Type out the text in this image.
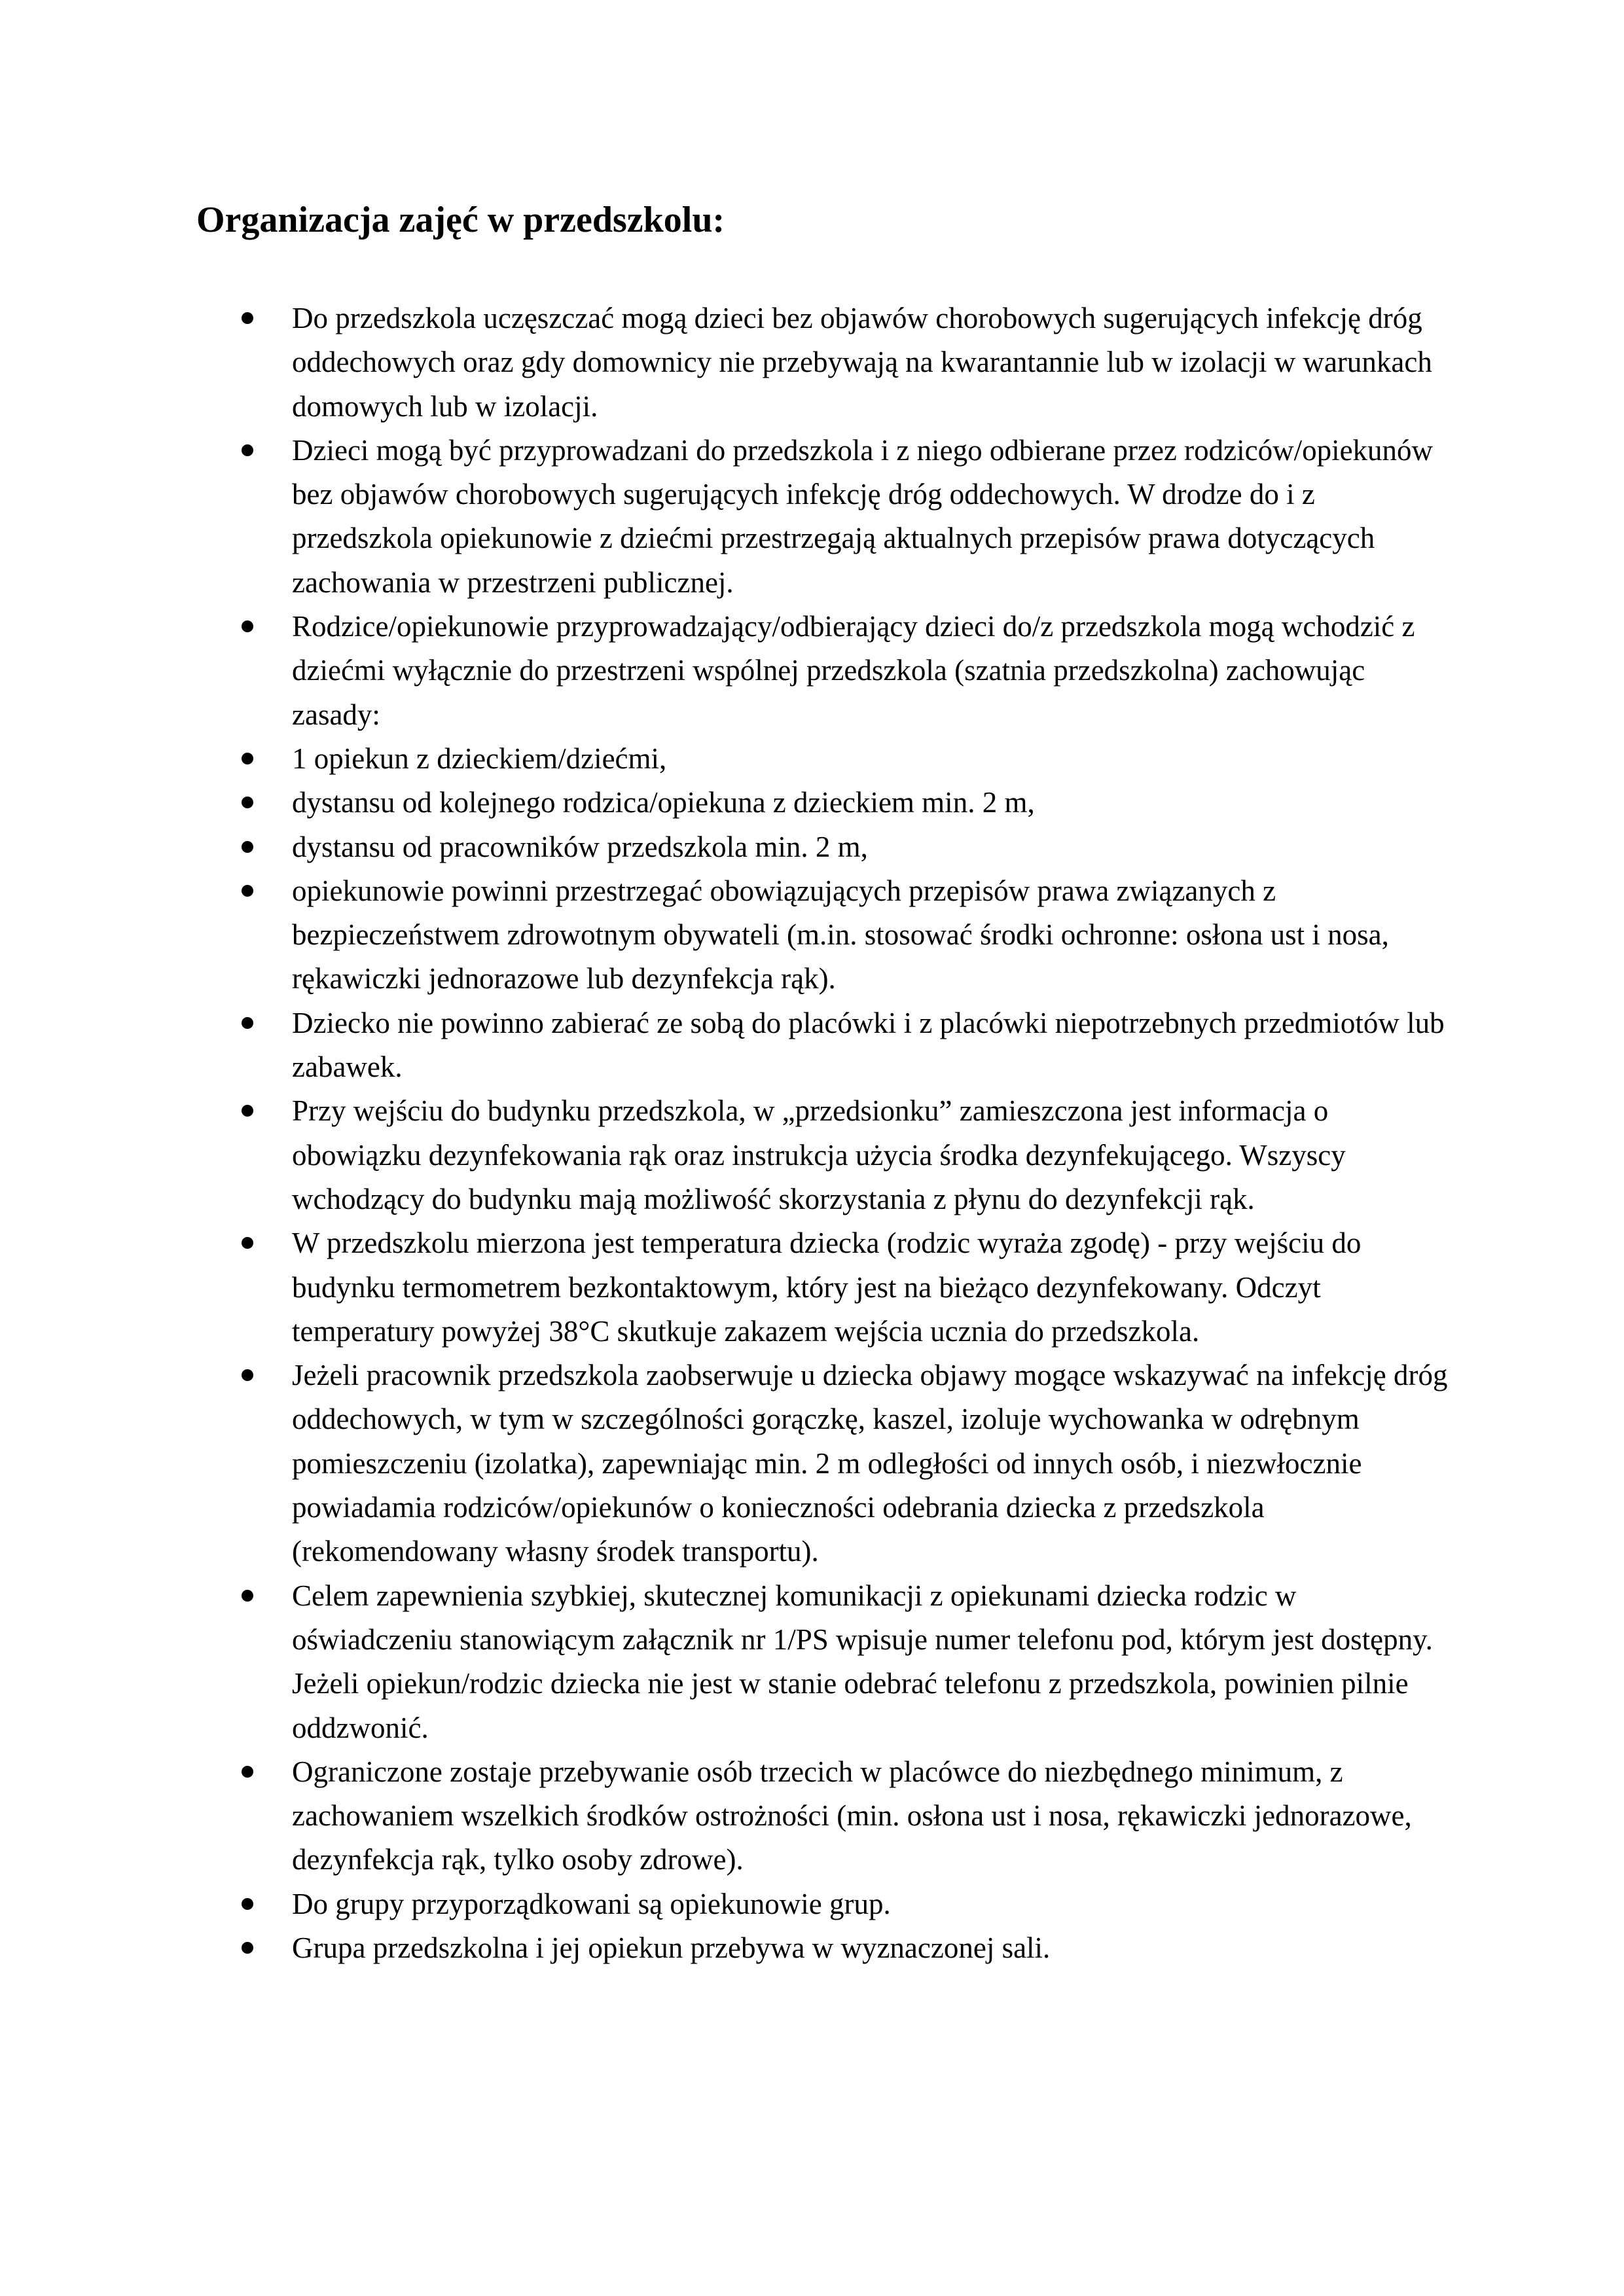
Organizacja zajęć w przedszkolu:
Do przedszkola uczęszczać mogą dzieci bez objawów chorobowych sugerujących infekcję dróg oddechowych oraz gdy domownicy nie przebywają na kwarantannie lub w izolacji w warunkach domowych lub w izolacji.
Dzieci mogą być przyprowadzani do przedszkola i z niego odbierane przez rodziców/opiekunów bez objawów chorobowych sugerujących infekcję dróg oddechowych. W drodze do i z przedszkola opiekunowie z dziećmi przestrzegają aktualnych przepisów prawa dotyczących zachowania w przestrzeni publicznej.
Rodzice/opiekunowie przyprowadzający/odbierający dzieci do/z przedszkola mogą wchodzić z dziećmi wyłącznie do przestrzeni wspólnej przedszkola (szatnia przedszkolna) zachowując zasady:
1 opiekun z dzieckiem/dziećmi,
dystansu od kolejnego rodzica/opiekuna z dzieckiem min. 2 m,
dystansu od pracowników przedszkola min. 2 m,
opiekunowie powinni przestrzegać obowiązujących przepisów prawa związanych z bezpieczeństwem zdrowotnym obywateli (m.in. stosować środki ochronne: osłona ust i nosa, rękawiczki jednorazowe lub dezynfekcja rąk).
Dziecko nie powinno zabierać ze sobą do placówki i z placówki niepotrzebnych przedmiotów lub zabawek.
Przy wejściu do budynku przedszkola, w „przedsionku” zamieszczona jest informacja o obowiązku dezynfekowania rąk oraz instrukcja użycia środka dezynfekującego. Wszyscy wchodzący do budynku mają możliwość skorzystania z płynu do dezynfekcji rąk.
W przedszkolu mierzona jest temperatura dziecka (rodzic wyraża zgodę) - przy wejściu do budynku termometrem bezkontaktowym, który jest na bieżąco dezynfekowany. Odczyt temperatury powyżej 38°C skutkuje zakazem wejścia ucznia do przedszkola.
Jeżeli pracownik przedszkola zaobserwuje u dziecka objawy mogące wskazywać na infekcję dróg oddechowych, w tym w szczególności gorączkę, kaszel, izoluje wychowanka w odrębnym pomieszczeniu (izolatka), zapewniając min. 2 m odległości od innych osób, i niezwłocznie powiadamia rodziców/opiekunów o konieczności odebrania dziecka z przedszkola (rekomendowany własny środek transportu).
Celem zapewnienia szybkiej, skutecznej komunikacji z opiekunami dziecka rodzic w oświadczeniu stanowiącym załącznik nr 1/PS wpisuje numer telefonu pod, którym jest dostępny. Jeżeli opiekun/rodzic dziecka nie jest w stanie odebrać telefonu z przedszkola, powinien pilnie oddzwonić.
Ograniczone zostaje przebywanie osób trzecich w placówce do niezbędnego minimum, z zachowaniem wszelkich środków ostrożności (min. osłona ust i nosa, rękawiczki jednorazowe, dezynfekcja rąk, tylko osoby zdrowe).
Do grupy przyporządkowani są opiekunowie grup.
Grupa przedszkolna i jej opiekun przebywa w wyznaczonej sali.
